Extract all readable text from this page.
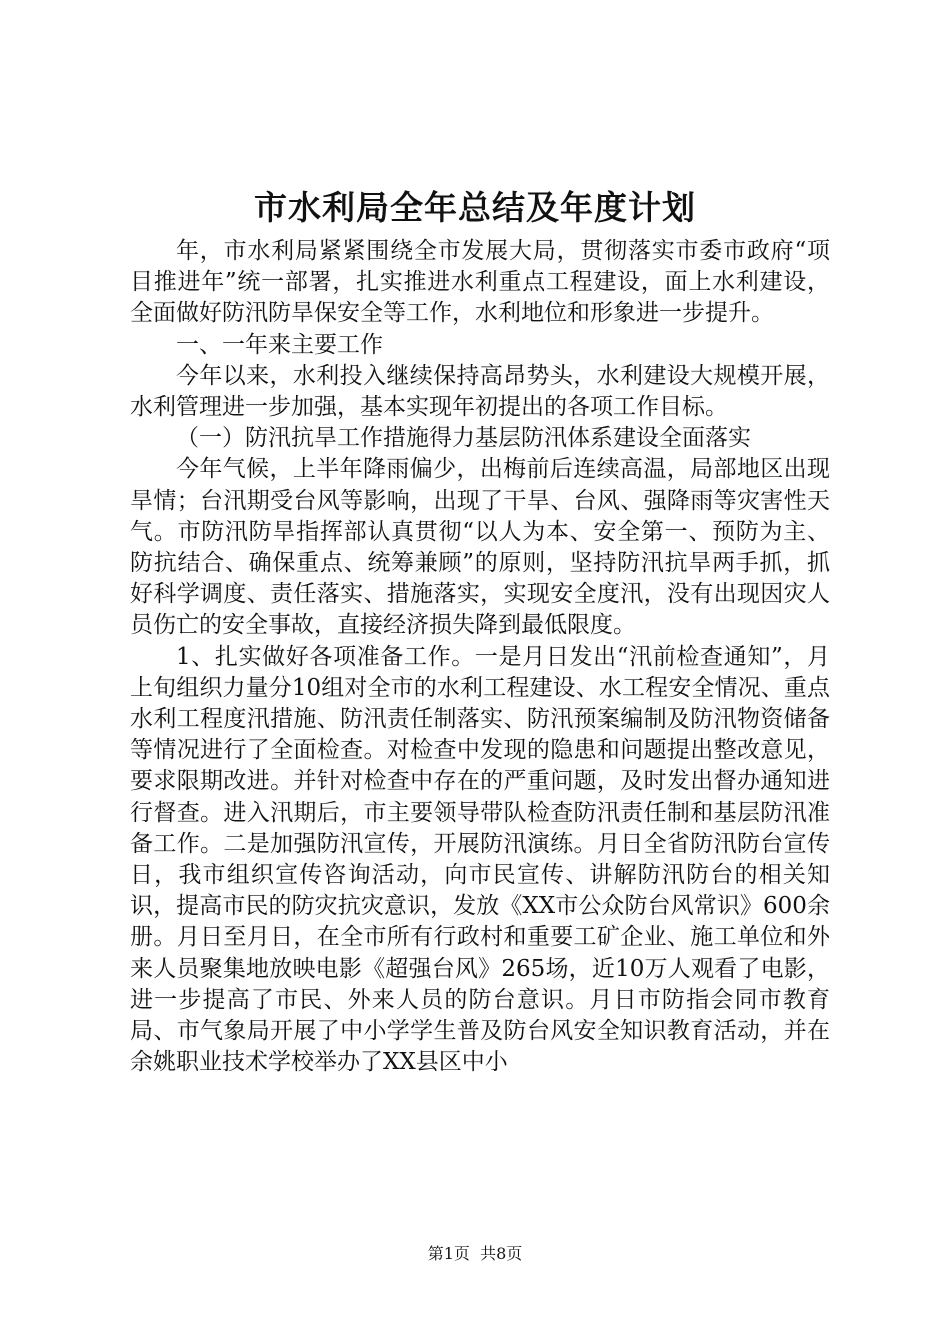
市水利局全年总结及年度计划

年，市水利局紧紧围绕全市发展大局，贯彻落实市委市政府“项目推进年”统一部署，扎实推进水利重点工程建设，面上水利建设，全面做好防汛防旱保安全等工作，水利地位和形象进一步提升。

一、一年来主要工作

今年以来，水利投入继续保持高昂势头，水利建设大规模开展，水利管理进一步加强，基本实现年初提出的各项工作目标。

（一）防汛抗旱工作措施得力基层防汛体系建设全面落实

今年气候，上半年降雨偏少，出梅前后连续高温，局部地区出现旱情；台汛期受台风等影响，出现了干旱、台风、强降雨等灾害性天气。市防汛防旱指挥部认真贯彻“以人为本、安全第一、预防为主、防抗结合、确保重点、统筹兼顾”的原则，坚持防汛抗旱两手抓，抓好科学调度、责任落实、措施落实，实现安全度汛，没有出现因灾人员伤亡的安全事故，直接经济损失降到最低限度。

1、扎实做好各项准备工作。一是月日发出“汛前检查通知”，月上旬组织力量分10组对全市的水利工程建设、水工程安全情况、重点水利工程度汛措施、防汛责任制落实、防汛预案编制及防汛物资储备等情况进行了全面检查。对检查中发现的隐患和问题提出整改意见，要求限期改进。并针对检查中存在的严重问题，及时发出督办通知进行督查。进入汛期后，市主要领导带队检查防汛责任制和基层防汛准备工作。二是加强防汛宣传，开展防汛演练。月日全省防汛防台宣传日，我市组织宣传咨询活动，向市民宣传、讲解防汛防台的相关知识，提高市民的防灾抗灾意识，发放《XX市公众防台风常识》600余册。月日至月日，在全市所有行政村和重要工矿企业、施工单位和外来人员聚集地放映电影《超强台风》265场，近10万人观看了电影，进一步提高了市民、外来人员的防台意识。月日市防指会同市教育局、市气象局开展了中小学学生普及防台风安全知识教育活动，并在余姚职业技术学校举办了XX县区中小

第1页  共8页
